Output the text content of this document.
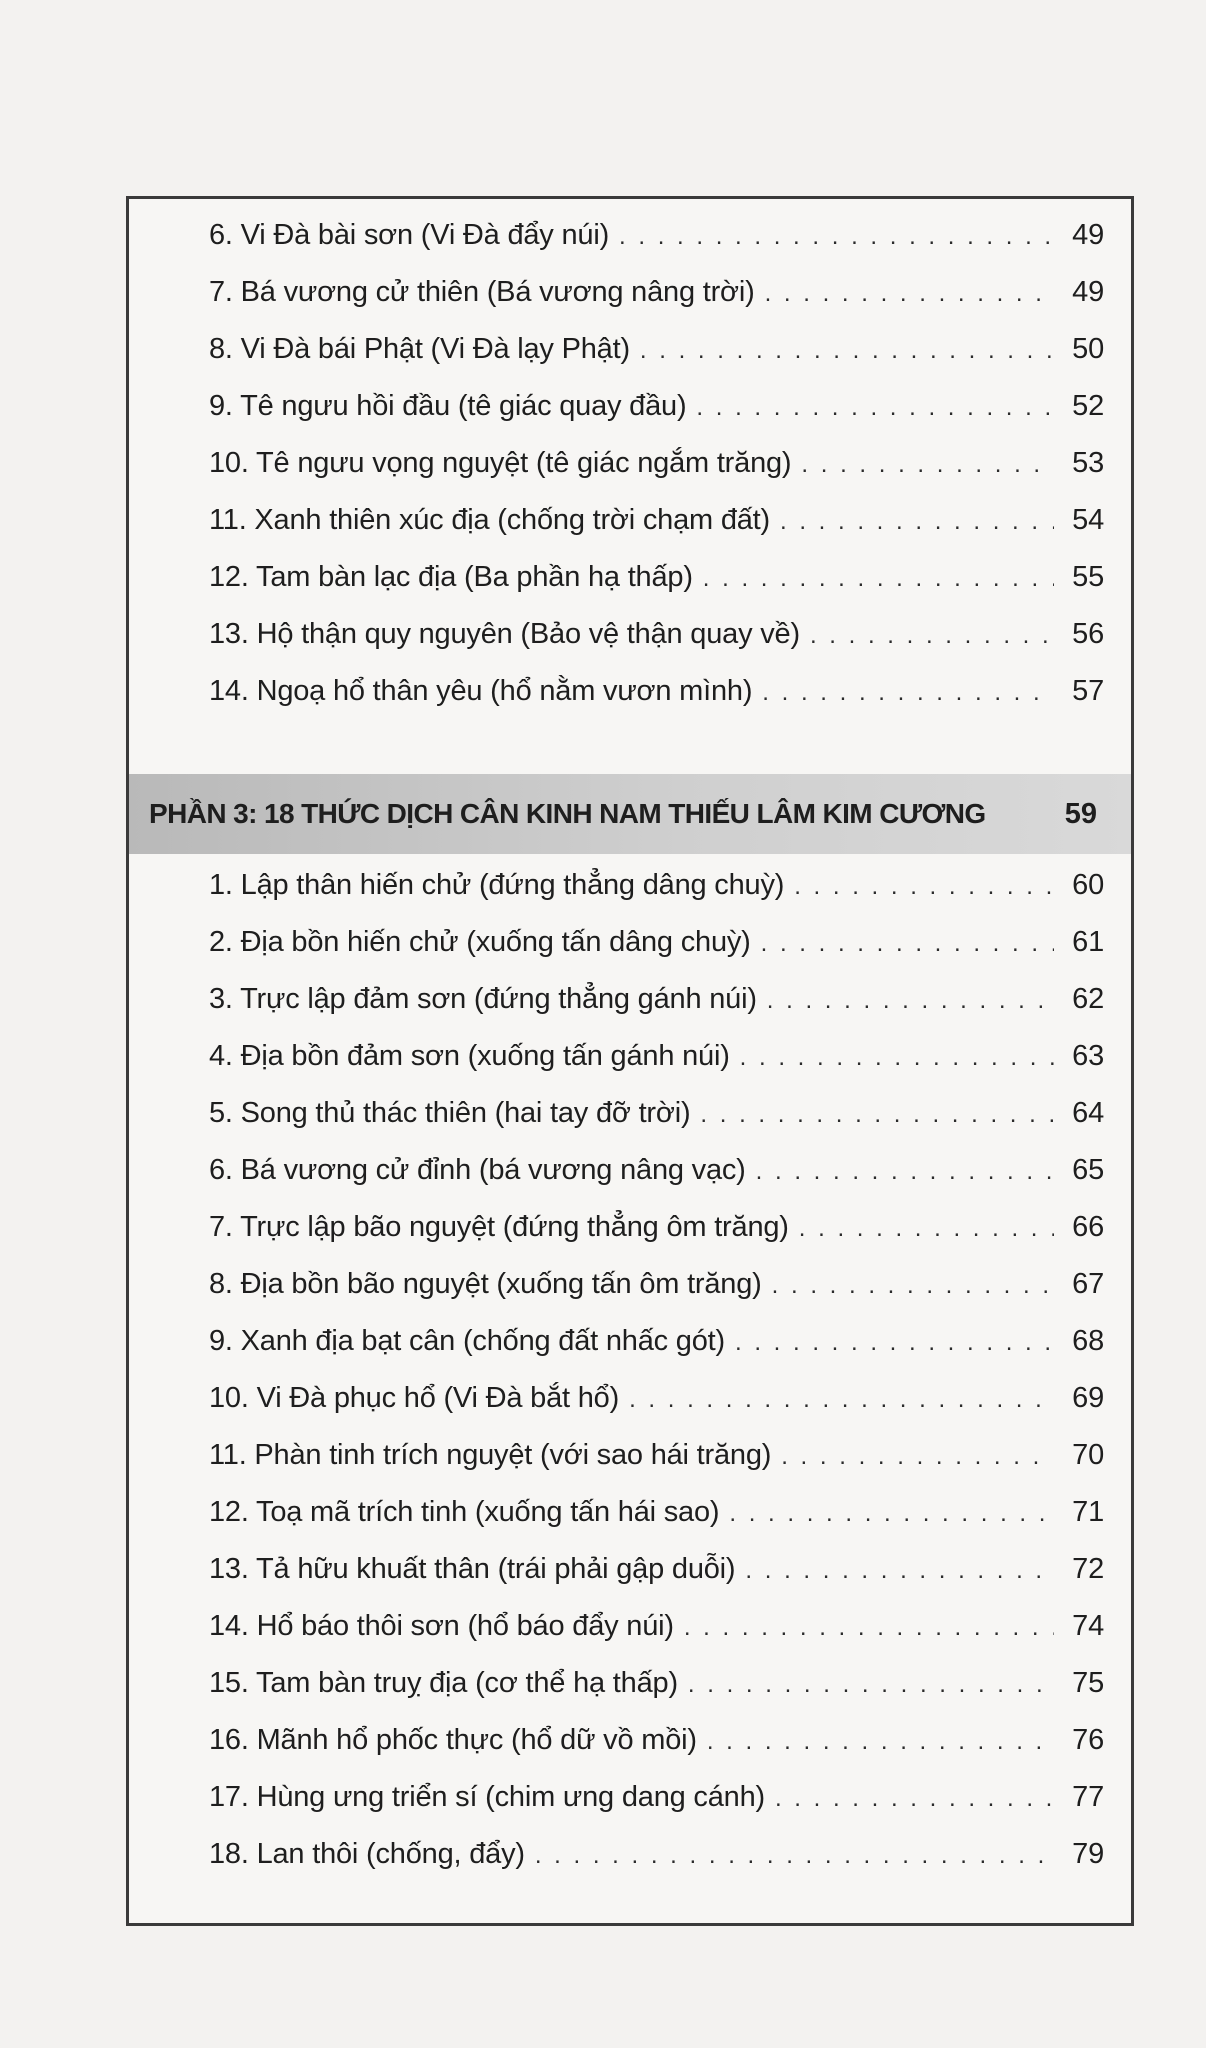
6. Vi Đà bài sơn (Vi Đà đẩy núi) . . .	49
7. Bá vương cử thiên (Bá vương nâng trời) . . .	49
8. Vi Đà bái Phật (Vi Đà lạy Phật) . . .	50
9. Tê ngưu hồi đầu (tê giác quay đầu) . . .	52
10. Tê ngưu vọng nguyệt (tê giác ngắm trăng) . . .	53
11. Xanh thiên xúc địa (chống trời chạm đất) . . .	54
12. Tam bàn lạc địa (Ba phần hạ thấp) . . .	55
13. Hộ thận quy nguyên (Bảo vệ thận quay về) . . .	56
14. Ngoạ hổ thân yêu (hổ nằm vươn mình) . . .	57
PHẦN 3: 18 THỨC DỊCH CÂN KINH NAM THIẾU LÂM KIM CƯƠNG	59
1. Lập thân hiến chử (đứng thẳng dâng chuỳ) . . .	60
2. Địa bồn hiến chử (xuống tấn dâng chuỳ) . . .	61
3. Trực lập đảm sơn (đứng thẳng gánh núi) . . .	62
4. Địa bồn đảm sơn (xuống tấn gánh núi) . . .	63
5. Song thủ thác thiên (hai tay đỡ trời) . . .	64
6. Bá vương cử đỉnh (bá vương nâng vạc) . . .	65
7. Trực lập bão nguyệt (đứng thẳng ôm trăng) . . .	66
8. Địa bồn bão nguyệt (xuống tấn ôm trăng) . . .	67
9. Xanh địa bạt cân (chống đất nhấc gót) . . .	68
10. Vi Đà phục hổ (Vi Đà bắt hổ) . . .	69
11. Phàn tinh trích nguyệt (với sao hái trăng) . . .	70
12. Toạ mã trích tinh (xuống tấn hái sao) . . .	71
13. Tả hữu khuất thân (trái phải gập duỗi) . . .	72
14. Hổ báo thôi sơn (hổ báo đẩy núi) . . .	74
15. Tam bàn truỵ địa (cơ thể hạ thấp) . . .	75
16. Mãnh hổ phốc thực (hổ dữ vồ mồi) . . .	76
17. Hùng ưng triển sí (chim ưng dang cánh) . . .	77
18. Lan thôi (chống, đẩy) . . .	79
